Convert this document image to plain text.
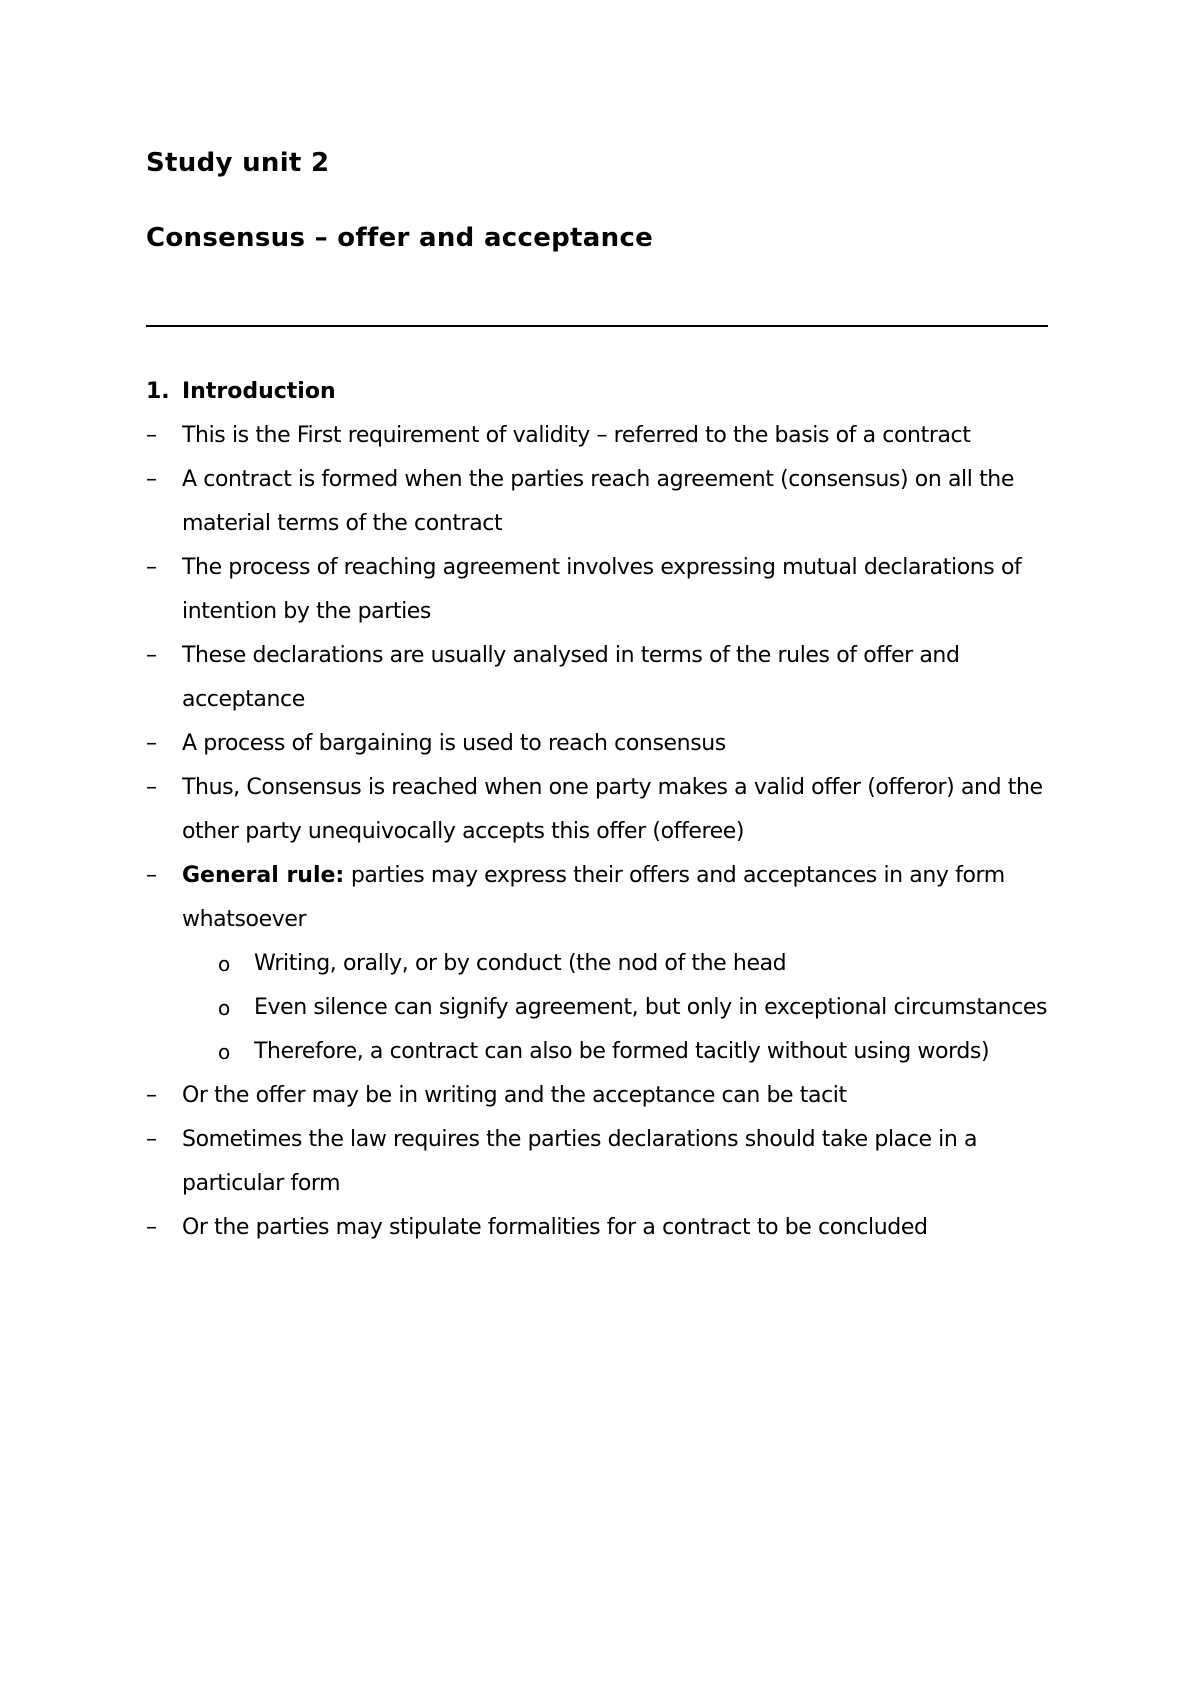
Study unit 2
Consensus – offer and acceptance
1. Introduction
–	This is the First requirement of validity – referred to the basis of a contract
–	A contract is formed when the parties reach agreement (consensus) on all the material terms of the contract
–	The process of reaching agreement involves expressing mutual declarations of intention by the parties
–	These declarations are usually analysed in terms of the rules of offer and acceptance
–	A process of bargaining is used to reach consensus
–	Thus, Consensus is reached when one party makes a valid offer (offeror) and the other party unequivocally accepts this offer (offeree)
–	General rule: parties may express their offers and acceptances in any form whatsoever
o Writing, orally, or by conduct (the nod of the head
o Even silence can signify agreement, but only in exceptional circumstances
o Therefore, a contract can also be formed tacitly without using words)
–	Or the offer may be in writing and the acceptance can be tacit
–	Sometimes the law requires the parties declarations should take place in a particular form
–	Or the parties may stipulate formalities for a contract to be concluded
